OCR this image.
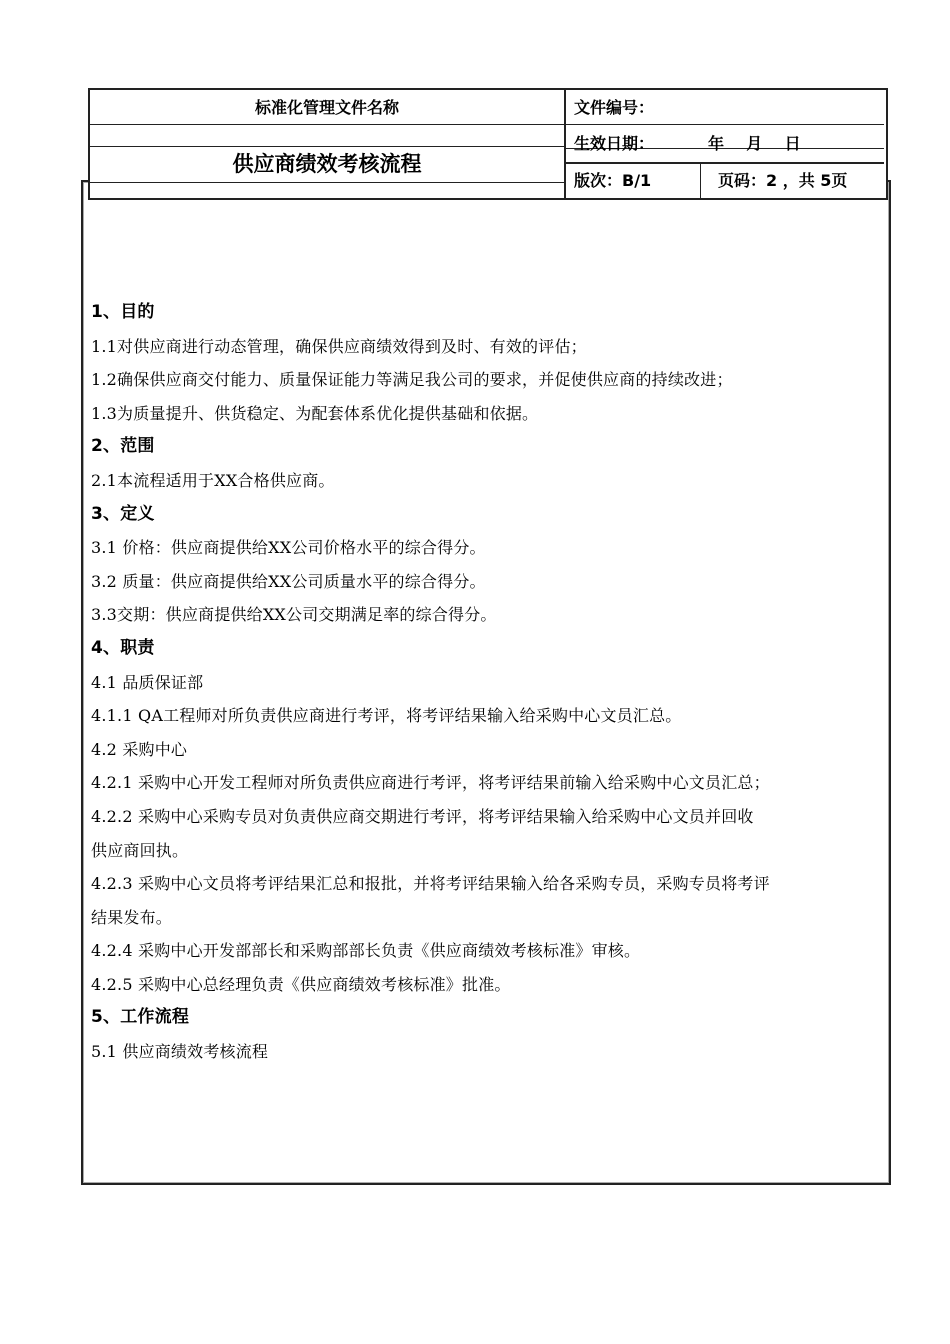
标准化管理文件名称
供应商绩效考核流程
文件编号：
生效日期：	年    月    日
版次：B/1	页码：2 ，共 5页
1、目的
1.1对供应商进行动态管理，确保供应商绩效得到及时、有效的评估；
1.2确保供应商交付能力、质量保证能力等满足我公司的要求，并促使供应商的持续改进；
1.3为质量提升、供货稳定、为配套体系优化提供基础和依据。
2、范围
2.1本流程适用于XX合格供应商。
3、定义
3.1 价格：供应商提供给XX公司价格水平的综合得分。
3.2 质量：供应商提供给XX公司质量水平的综合得分。
3.3交期：供应商提供给XX公司交期满足率的综合得分。
4、职责
4.1 品质保证部
4.1.1 QA工程师对所负责供应商进行考评，将考评结果输入给采购中心文员汇总。
4.2 采购中心
4.2.1 采购中心开发工程师对所负责供应商进行考评，将考评结果前输入给采购中心文员汇总；
4.2.2 采购中心采购专员对负责供应商交期进行考评，将考评结果输入给采购中心文员并回收
供应商回执。
4.2.3 采购中心文员将考评结果汇总和报批，并将考评结果输入给各采购专员，采购专员将考评
结果发布。
4.2.4 采购中心开发部部长和采购部部长负责《供应商绩效考核标准》审核。
4.2.5 采购中心总经理负责《供应商绩效考核标准》批准。
5、工作流程
5.1 供应商绩效考核流程
